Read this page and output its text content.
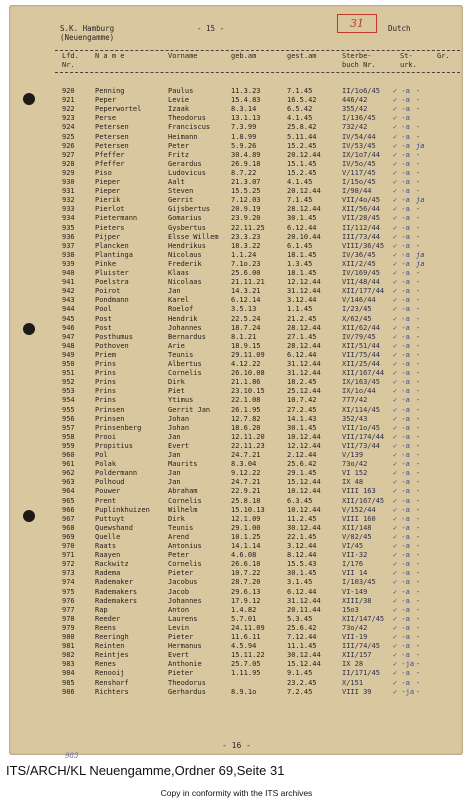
S.K. Hamburg
(Neuengamme)
- 15 -	31	Dutch
Lfd.
Nr.
N a m e	Vorname	geb.am	gest.am	Sterbe-
buch Nr.
St-
urk.
Gr.
920	Penning	Paulus	11.3.23	7.1.45	II/1o6/45 ✓ -a -
921	Peper	Levie	15.4.83	16.5.42	446/42	✓ -a -
922	Peperwortel	Izaak	8.3.14	6.5.42	355/42	✓ -a -
923	Perse	Theodorus	13.1.13	4.1.45	I/136/45 ✓ -a
924	Petersen	Franciscus	7.3.99	25.8.42	732/42	✓ -a -
925	Petersen	Heimann	1.8.99	5.11.44	IV/54/44 ✓ -a -
926	Petersen	Peter	5.9.26	15.2.45	IV/53/45 ✓ -a ja
927	Pfeffer	Fritz	30.4.89	20.12.44	IX/1o7/44 ✓ -a -
928	Pfeffer	Gerardus	26.9.18	15.1.45	IV/5o/45 ✓ -a -
929	Piso	Ludovicus	8.7.22	15.2.45	V/117/45 ✓ -a -
930	Pieper	Aalt	21.3.07	4.1.45	I/15o/45 ✓ -a -
931	Pieper	Steven	15.5.25	20.12.44	I/98/44	✓ -a -
932	Pierik	Gerrit	7.12.03	7.1.45	VII/4o/45 ✓ -a ja
933	Pierlot	Gijsbertus	20.9.19	28.12.44	XII/56/44 ✓ -a -
934	Pietermann	Gomarius	23.9.20	30.1.45	VII/28/45 ✓ -a -
935	Pieters	Gysbertus	22.11.25	6.12.44	II/112/44 ✓ -a -
936	Pijper	Elsse Willem 23.3.23	20.10.44	III/73/44 ✓ -a -
937	Plancken	Hendrikus	18.3.22	6.1.45	VIII/36/45 ✓ -a -
938	Plantinga	Nicolaus	1.1.24	18.1.45	IV/36/45 ✓ -a ja
939	Pinke	Frederik	7.1o.23	1.3.45	XII/2/45 ✓ -a ja
940	Pluister	Klaas	25.6.00	18.1.45	IV/169/45 ✓ -a -
941	Poelstra	Nicolaas	21.11.21	12.12.44	VII/48/44 ✓ -a -
942	Poirot	Jan	14.3.21	31.12.44	XII/177/44 ✓ -a -
943	Pondmann	Karel	6.12.14	3.12.44	V/146/44 ✓ -a -
944	Pool	Roelof	3.5.13	1.1.45	I/23/45	✓ -a -
945	Post	Hendrik	22.5.24	21.2.45	X/62/45	✓ -a -
946	Post	Johannes	18.7.24	28.12.44	XII/62/44 ✓ -a -
947	Posthumus	Bernardus	8.1.21	27.1.45	IV/79/45 ✓ -a -
948	Pothoven	Arie	18.9.15	28.12.44	XII/51/44 ✓ -a -
949	Priem	Teunis	29.11.09	6.12.44	VII/75/44 ✓ -a -
950	Prins	Albertus	4.12.22	31.12.44	XII/25/44 ✓ -a -
951	Prins	Cornelis	26.10.08	31.12.44	XII/167/44 ✓ -a -
952	Prins	Dirk	21.1.86	18.2.45	IX/163/45 ✓ -a -
953	Prins	Piet	23.10.15	25.12.44	IX/1o/44 ✓ -a -
954	Prins	Ytimus	22.1.08	10.7.42	777/42	✓ -a -
955	Prinsen	Gerrit Jan	26.1.95	27.2.45	XI/114/45 ✓ -a -
956	Prinsen	Johan	12.7.82	14.1.43	352/43	✓ -a -
957	Prinsenberg	Johan	18.6.20	30.1.45	VII/1o/45 ✓ -a -
958	Prooi	Jan	12.11.20	10.12.44	VII/174/44 ✓ -a -
959	Propitius	Evert	22.11.23	12.12.44	VII/73/44 ✓ -a -
960	Pol	Jan	24.7.21	2.12.44	V/139	✓ -a -
961	Polak	Maurits	8.3.04	25.6.42	73o/42	✓ -a -
962	Poldermann	Jan	9.12.22	29.1.45	VI 152	✓ -a -
963	Polhoud	Jan	24.7.21	15.12.44	IX 48	✓ -a -
964	Pouwer	Abraham	22.9.21	10.12.44	VIII 163 ✓ -a -
965	Prent	Cornelis	25.8.18	6.3.45	XII/167/45 ✓ -a -
966	Puplinkhuizen	Wilhelm	15.10.13	10.12.44	V/152/44 ✓ -a -
967	Puttuyt	Dirk	12.1.09	11.2.45	VIII 160 ✓ -a -
968	Quewshand	Teunis	29.1.00	30.12.44	XII/148	✓ -a -
969	Quelle	Arend	10.1.25	22.1.45	V/82/45	✓ -a -
970	Raats	Antonius	14.1.14	3.12.44	VI/45	✓ -a -
971	Raayen	Peter	4.6.08	8.12.44	VII-32	✓ -a -
972	Rackwitz	Cornelis	26.6.10	15.5.43	I/176	✓ -a -
973	Radema	Pieter	10.7.22	30.1.45	VII 14	✓ -a -
974	Rademaker	Jacobus	28.7.20	3.1.45	I/103/45 ✓ -a -
975	Rademakers	Jacob	29.6.13	6.12.44	VI-149	✓ -a -
976	Rademakers	Johannes	17.9.12	31.12.44	XIII/38	✓ -a -
977	Rap	Anton	1.4.82	20.11.44	15o3	✓ -a -
978	Reeder	Laurens	5.7.01	5.3.45	XII/147/45 ✓ -a -
979	Reens	Levin	24.11.09	25.6.42	73o/42	✓ -a -
980	Reeringh	Pieter	11.6.11	7.12.44	VII-19	✓ -a -
981	Reinten	Hermanus	4.5.94	11.1.45	III/74/45 ✓ -a -
982	Reintjes	Evert	15.11.22	30.12.44	XII/157	✓ -a -
983	Renes	Anthonie	25.7.05	15.12.44	IX 28	✓ -ja -
984	Renooij	Pieter	1.11.95	9.1.45	II/171/45 ✓ -a -
985	Renshorf	Theodorus	23.2.45	X/151	✓ -a -
986	Richters	Gerhardus	8.9.1o	7.2.45	VIII 39	✓ -ja -
- 16 -
983
ITS/ARCH/KL Neuengamme,Ordner 69,Seite 31
Copy in conformity with the ITS archives
